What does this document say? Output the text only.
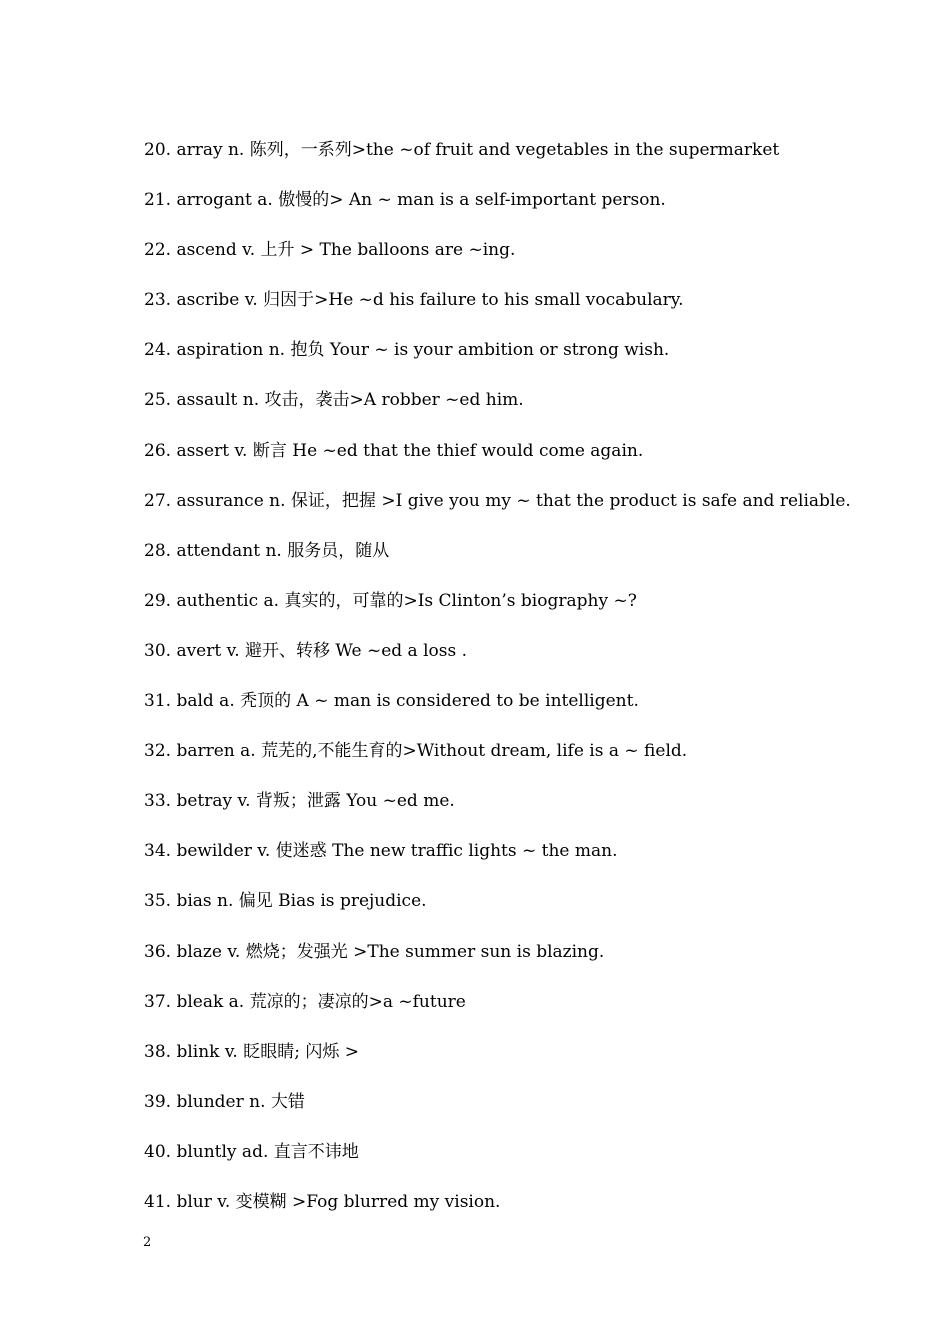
20. array n. 陈列，一系列>the ~of fruit and vegetables in the supermarket
21. arrogant a. 傲慢的> An ~ man is a self-important person.
22. ascend v. 上升 > The balloons are ~ing.
23. ascribe v. 归因于>He ~d his failure to his small vocabulary.
24. aspiration n. 抱负 Your ~ is your ambition or strong wish.
25. assault n. 攻击，袭击>A robber ~ed him.
26. assert v. 断言 He ~ed that the thief would come again.
27. assurance n. 保证，把握 >I give you my ~ that the product is safe and reliable.
28. attendant n. 服务员，随从
29. authentic a. 真实的，可靠的>Is Clinton’s biography ~?
30. avert v. 避开、转移 We ~ed a loss .
31. bald a. 秃顶的 A ~ man is considered to be intelligent.
32. barren a. 荒芜的,不能生育的>Without dream, life is a ~ field.
33. betray v. 背叛；泄露 You ~ed me.
34. bewilder v. 使迷惑 The new traffic lights ~ the man.
35. bias n. 偏见 Bias is prejudice.
36. blaze v. 燃烧；发强光 >The summer sun is blazing.
37. bleak a. 荒凉的；凄凉的>a ~future
38. blink v. 眨眼睛; 闪烁 >
39. blunder n. 大错
40. bluntly ad. 直言不讳地
41. blur v. 变模糊 >Fog blurred my vision.
2
